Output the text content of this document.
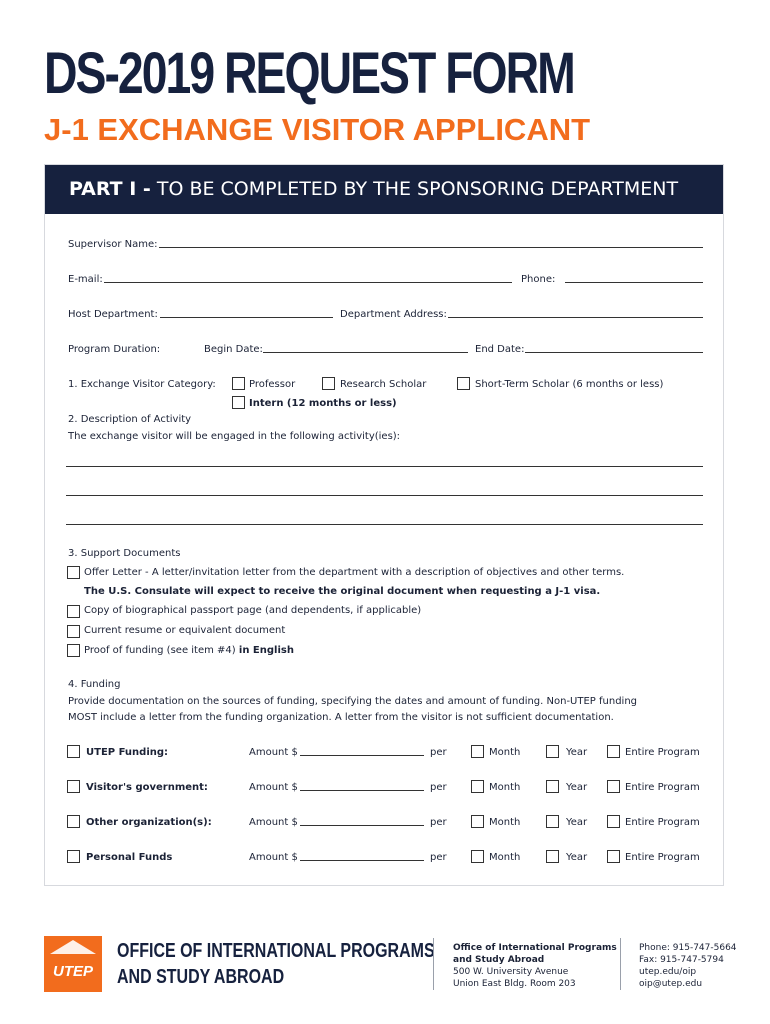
DS-2019 REQUEST FORM
J-1 EXCHANGE VISITOR APPLICANT
PART I - TO BE COMPLETED BY THE SPONSORING DEPARTMENT
Supervisor Name:
E-mail:	Phone:
Host Department:	Department Address:
Program Duration:	Begin Date:	End Date:
1. Exchange Visitor Category:	Professor	Research Scholar	Short-Term Scholar (6 months or less)
Intern (12 months or less)
2. Description of Activity
The exchange visitor will be engaged in the following activity(ies):
3. Support Documents
Offer Letter - A letter/invitation letter from the department with a description of objectives and other terms.
The U.S. Consulate will expect to receive the original document when requesting a J-1 visa.
Copy of biographical passport page (and dependents, if applicable)
Current resume or equivalent document
Proof of funding (see item #4) in English
4. Funding
Provide documentation on the sources of funding, specifying the dates and amount of funding. Non-UTEP funding
MOST include a letter from the funding organization. A letter from the visitor is not sufficient documentation.
UTEP Funding:	Amount $	per	Month	Year	Entire Program
Visitor's government:	Amount $	per	Month	Year	Entire Program
Other organization(s):	Amount $	per	Month	Year	Entire Program
Personal Funds	Amount $	per	Month	Year	Entire Program
UTEP
OFFICE OF INTERNATIONAL PROGRAMS
AND STUDY ABROAD
Office of International Programs
and Study Abroad
500 W. University Avenue
Union East Bldg. Room 203
Phone: 915-747-5664
Fax: 915-747-5794
utep.edu/oip
oip@utep.edu
